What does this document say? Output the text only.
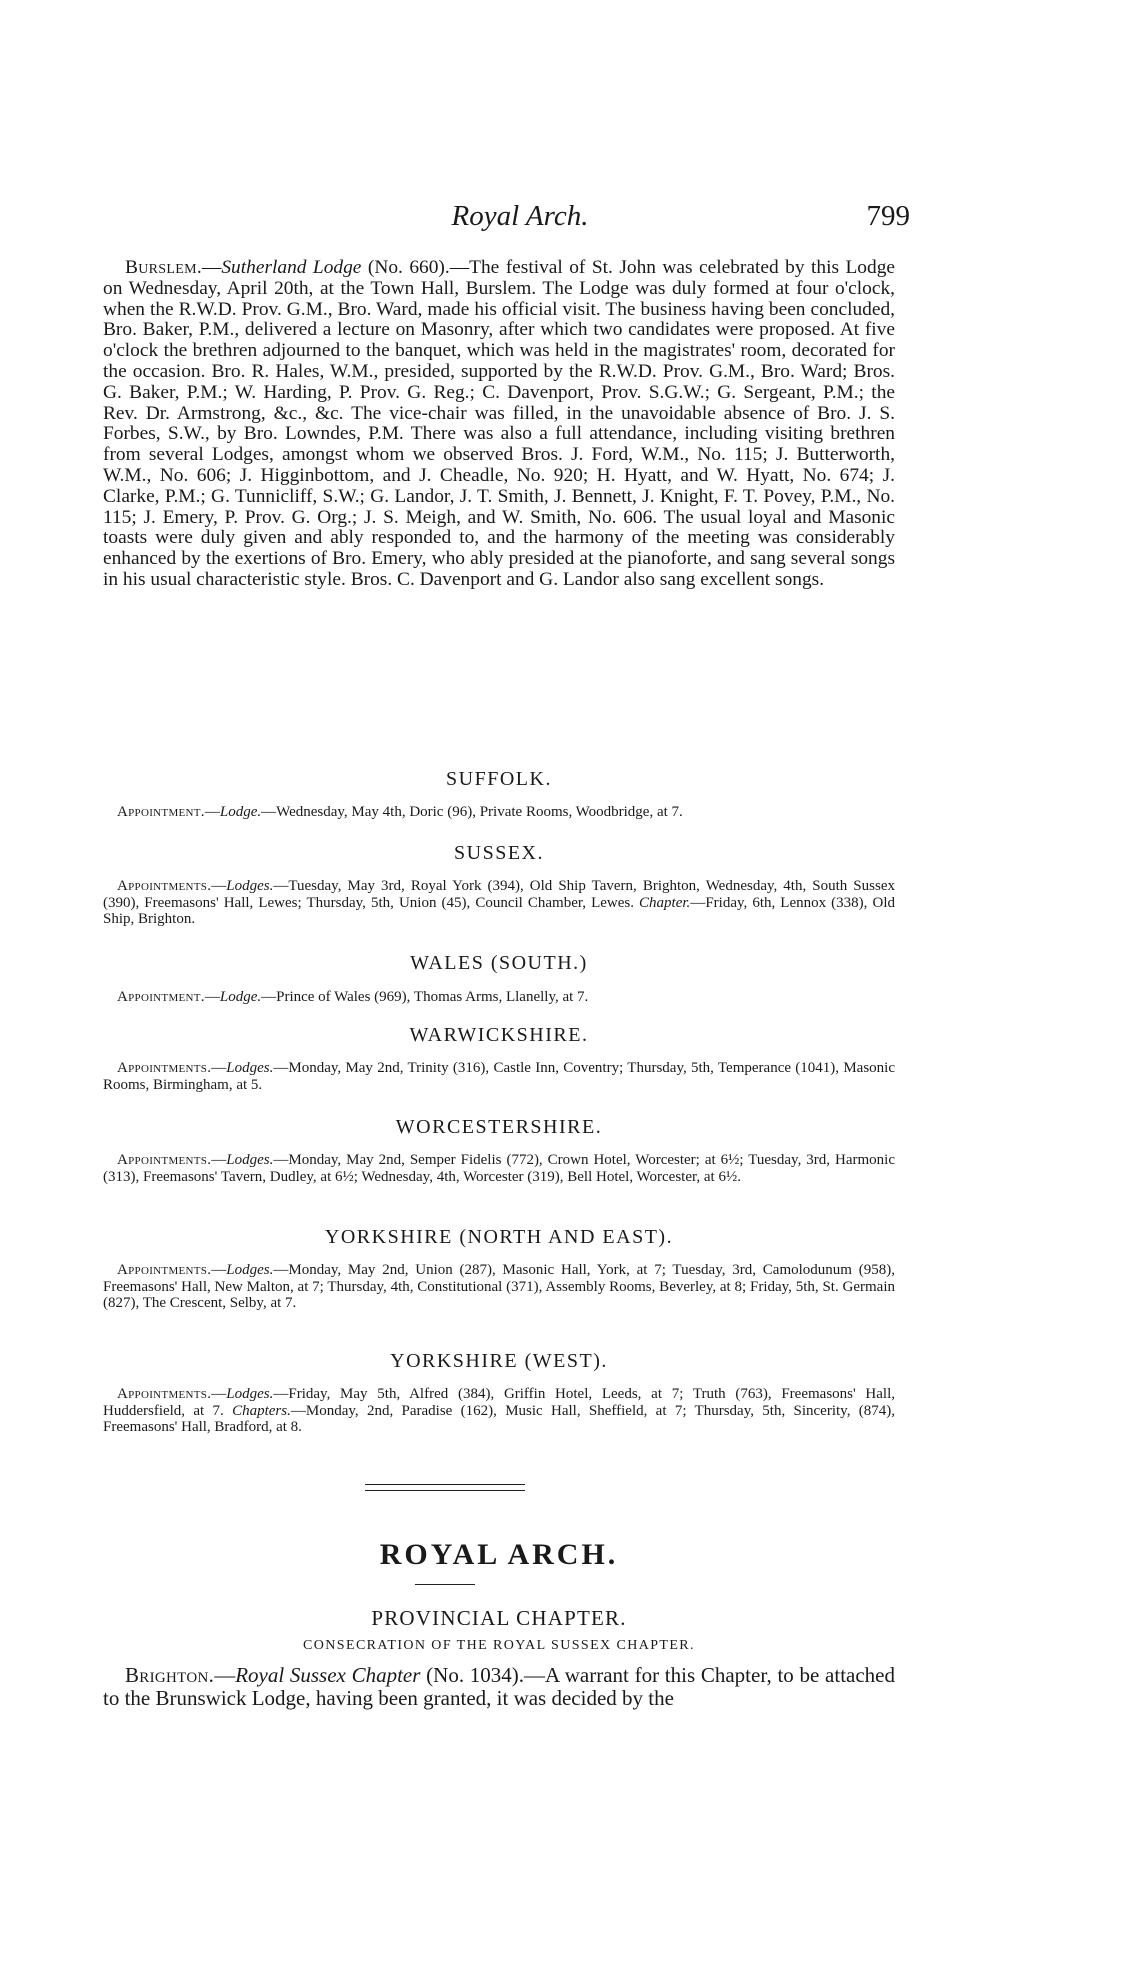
Royal Arch.	799

Burslem.—Sutherland Lodge (No. 660).—The festival of St. John was celebrated by this Lodge on Wednesday, April 20th, at the Town Hall, Burslem. The Lodge was duly formed at four o'clock, when the R.W.D. Prov. G.M., Bro. Ward, made his official visit. The business having been concluded, Bro. Baker, P.M., delivered a lecture on Masonry, after which two candidates were proposed. At five o'clock the brethren adjourned to the banquet, which was held in the magistrates' room, decorated for the occasion. Bro. R. Hales, W.M., presided, supported by the R.W.D. Prov. G.M., Bro. Ward; Bros. G. Baker, P.M.; W. Harding, P. Prov. G. Reg.; C. Davenport, Prov. S.G.W.; G. Sergeant, P.M.; the Rev. Dr. Armstrong, &c., &c. The vice-chair was filled, in the unavoidable absence of Bro. J. S. Forbes, S.W., by Bro. Lowndes, P.M. There was also a full attendance, including visiting brethren from several Lodges, amongst whom we observed Bros. J. Ford, W.M., No. 115; J. Butterworth, W.M., No. 606; J. Higginbottom, and J. Cheadle, No. 920; H. Hyatt, and W. Hyatt, No. 674; J. Clarke, P.M.; G. Tunnicliff, S.W.; G. Landor, J. T. Smith, J. Bennett, J. Knight, F. T. Povey, P.M., No. 115; J. Emery, P. Prov. G. Org.; J. S. Meigh, and W. Smith, No. 606. The usual loyal and Masonic toasts were duly given and ably responded to, and the harmony of the meeting was considerably enhanced by the exertions of Bro. Emery, who ably presided at the pianoforte, and sang several songs in his usual characteristic style. Bros. C. Davenport and G. Landor also sang excellent songs.

SUFFOLK.

Appointment.—Lodge.—Wednesday, May 4th, Doric (96), Private Rooms, Woodbridge, at 7.

SUSSEX.

Appointments.—Lodges.—Tuesday, May 3rd, Royal York (394), Old Ship Tavern, Brighton, Wednesday, 4th, South Sussex (390), Freemasons' Hall, Lewes; Thursday, 5th, Union (45), Council Chamber, Lewes. Chapter.—Friday, 6th, Lennox (338), Old Ship, Brighton.

WALES (SOUTH.)

Appointment.—Lodge.—Prince of Wales (969), Thomas Arms, Llanelly, at 7.

WARWICKSHIRE.

Appointments.—Lodges.—Monday, May 2nd, Trinity (316), Castle Inn, Coventry; Thursday, 5th, Temperance (1041), Masonic Rooms, Birmingham, at 5.

WORCESTERSHIRE.

Appointments.—Lodges.—Monday, May 2nd, Semper Fidelis (772), Crown Hotel, Worcester; at 6½; Tuesday, 3rd, Harmonic (313), Freemasons' Tavern, Dudley, at 6½; Wednesday, 4th, Worcester (319), Bell Hotel, Worcester, at 6½.

YORKSHIRE (NORTH AND EAST).

Appointments.—Lodges.—Monday, May 2nd, Union (287), Masonic Hall, York, at 7; Tuesday, 3rd, Camolodunum (958), Freemasons' Hall, New Malton, at 7; Thursday, 4th, Constitutional (371), Assembly Rooms, Beverley, at 8; Friday, 5th, St. Germain (827), The Crescent, Selby, at 7.

YORKSHIRE (WEST).

Appointments.—Lodges.—Friday, May 5th, Alfred (384), Griffin Hotel, Leeds, at 7; Truth (763), Freemasons' Hall, Huddersfield, at 7. Chapters.—Monday, 2nd, Paradise (162), Music Hall, Sheffield, at 7; Thursday, 5th, Sincerity, (874), Freemasons' Hall, Bradford, at 8.

ROYAL ARCH.

PROVINCIAL CHAPTER.

CONSECRATION OF THE ROYAL SUSSEX CHAPTER.

Brighton.—Royal Sussex Chapter (No. 1034).—A warrant for this Chapter, to be attached to the Brunswick Lodge, having been granted, it was decided by the
